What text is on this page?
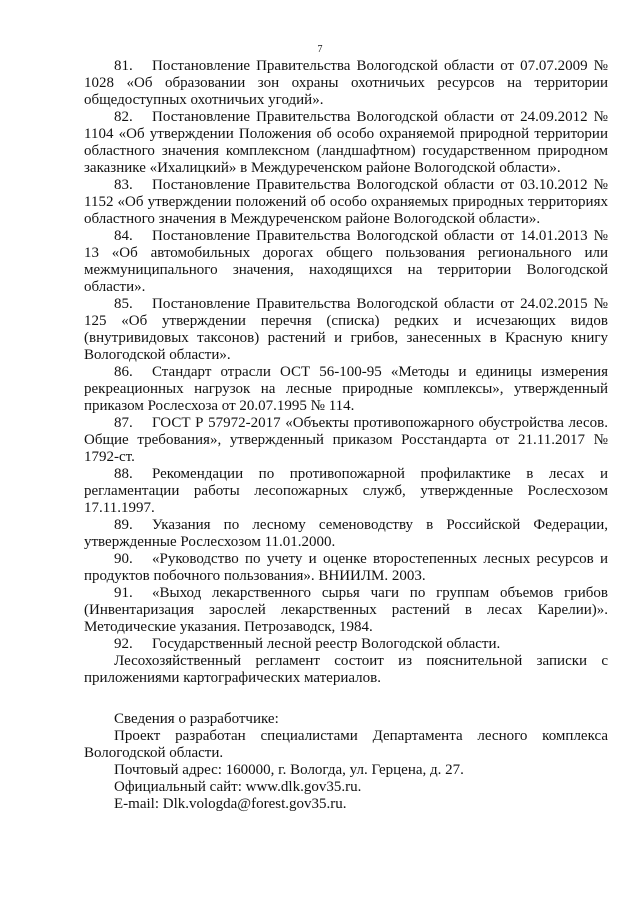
7

81. Постановление Правительства Вологодской области от 07.07.2009 № 1028 «Об образовании зон охраны охотничьих ресурсов на территории общедоступных охотничьих угодий».

82. Постановление Правительства Вологодской области от 24.09.2012 № 1104 «Об утверждении Положения об особо охраняемой природной территории областного значения комплексном (ландшафтном) государственном природном заказнике «Ихалицкий» в Междуреченском районе Вологодской области».

83. Постановление Правительства Вологодской области от 03.10.2012 № 1152 «Об утверждении положений об особо охраняемых природных территориях областного значения в Междуреченском районе Вологодской области».

84. Постановление Правительства Вологодской области от 14.01.2013 № 13 «Об автомобильных дорогах общего пользования регионального или межмуниципального значения, находящихся на территории Вологодской области».

85. Постановление Правительства Вологодской области от 24.02.2015 № 125 «Об утверждении перечня (списка) редких и исчезающих видов (внутривидовых таксонов) растений и грибов, занесенных в Красную книгу Вологодской области».

86. Стандарт отрасли ОСТ 56-100-95 «Методы и единицы измерения рекреационных нагрузок на лесные природные комплексы», утвержденный приказом Рослесхоза от 20.07.1995 № 114.

87. ГОСТ Р 57972-2017 «Объекты противопожарного обустройства лесов. Общие требования», утвержденный приказом Росстандарта от 21.11.2017 № 1792-ст.

88. Рекомендации по противопожарной профилактике в лесах и регламентации работы лесопожарных служб, утвержденные Рослесхозом 17.11.1997.

89. Указания по лесному семеноводству в Российской Федерации, утвержденные Рослесхозом 11.01.2000.

90. «Руководство по учету и оценке второстепенных лесных ресурсов и продуктов побочного пользования». ВНИИЛМ. 2003.

91. «Выход лекарственного сырья чаги по группам объемов грибов (Инвентаризация зарослей лекарственных растений в лесах Карелии)». Методические указания. Петрозаводск, 1984.

92. Государственный лесной реестр Вологодской области.

Лесохозяйственный регламент состоит из пояснительной записки с приложениями картографических материалов.

Сведения о разработчике:

Проект разработан специалистами Департамента лесного комплекса Вологодской области.

Почтовый адрес: 160000, г. Вологда, ул. Герцена, д. 27.

Официальный сайт: www.dlk.gov35.ru.

E-mail: Dlk.vologda@forest.gov35.ru.
